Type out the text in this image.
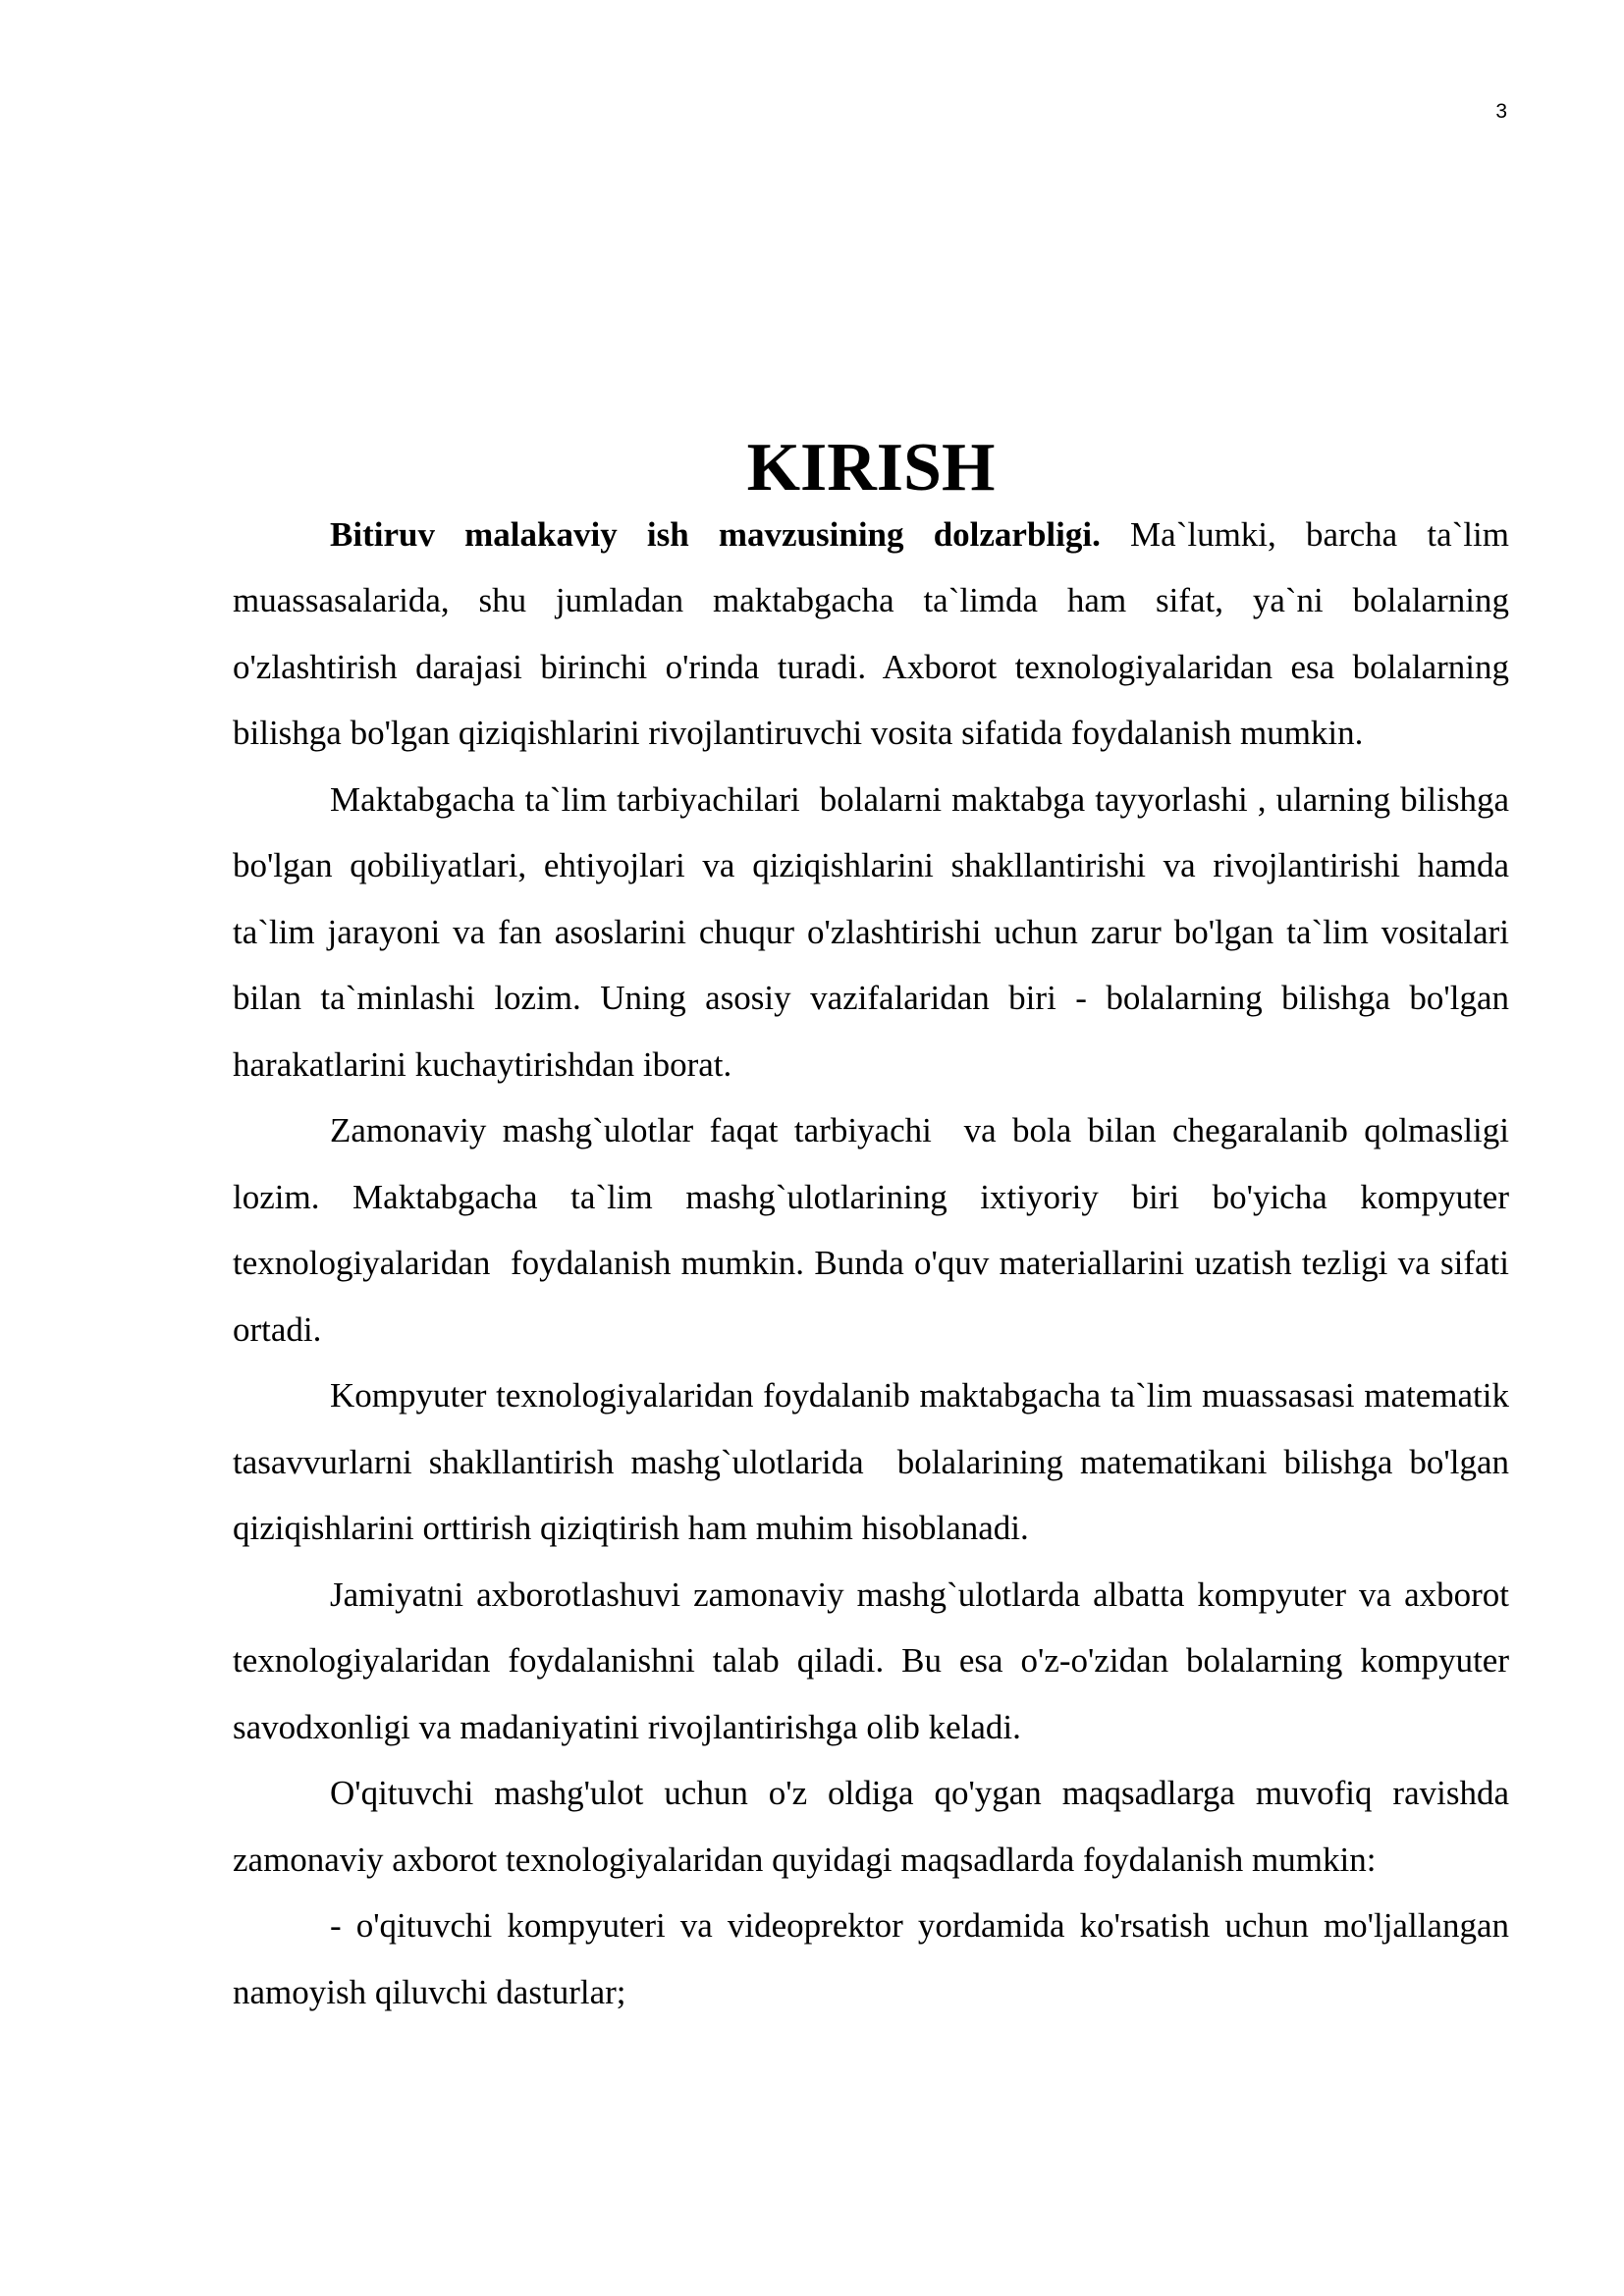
3
KIRISH

Bitiruv malakaviy ish mavzusining dolzarbligi. Ma`lumki, barcha ta`lim muassasalarida, shu jumladan maktabgacha ta`limda ham sifat, ya`ni bolalarning o'zlashtirish darajasi birinchi o'rinda turadi. Axborot texnologiyalaridan esa bolalarning bilishga bo'lgan qiziqishlarini rivojlantiruvchi vosita sifatida foydalanish mumkin.

Maktabgacha ta`lim tarbiyachilari  bolalarni maktabga tayyorlashi , ularning bilishga bo'lgan qobiliyatlari, ehtiyojlari va qiziqishlarini shakllantirishi va rivojlantirishi hamda ta`lim jarayoni va fan asoslarini chuqur o'zlashtirishi uchun zarur bo'lgan ta`lim vositalari bilan ta`minlashi lozim. Uning asosiy vazifalaridan biri - bolalarning bilishga bo'lgan harakatlarini kuchaytirishdan iborat.

Zamonaviy mashg`ulotlar faqat tarbiyachi  va bola bilan chegaralanib qolmasligi lozim. Maktabgacha ta`lim mashg`ulotlarining ixtiyoriy biri bo'yicha kompyuter texnologiyalaridan  foydalanish mumkin. Bunda o'quv materiallarini uzatish tezligi va sifati ortadi.

Kompyuter texnologiyalaridan foydalanib maktabgacha ta`lim muassasasi matematik tasavvurlarni shakllantirish mashg`ulotlarida  bolalarining matematikani bilishga bo'lgan qiziqishlarini orttirish qiziqtirish ham muhim hisoblanadi.

Jamiyatni axborotlashuvi zamonaviy mashg`ulotlarda albatta kompyuter va axborot texnologiyalaridan foydalanishni talab qiladi. Bu esa o'z-o'zidan bolalarning kompyuter savodxonligi va madaniyatini rivojlantirishga olib keladi.

O'qituvchi mashg'ulot uchun o'z oldiga qo'ygan maqsadlarga muvofiq ravishda zamonaviy axborot texnologiyalaridan quyidagi maqsadlarda foydalanish mumkin:

- o'qituvchi kompyuteri va videoprektor yordamida ko'rsatish uchun mo'ljallangan namoyish qiluvchi dasturlar;
